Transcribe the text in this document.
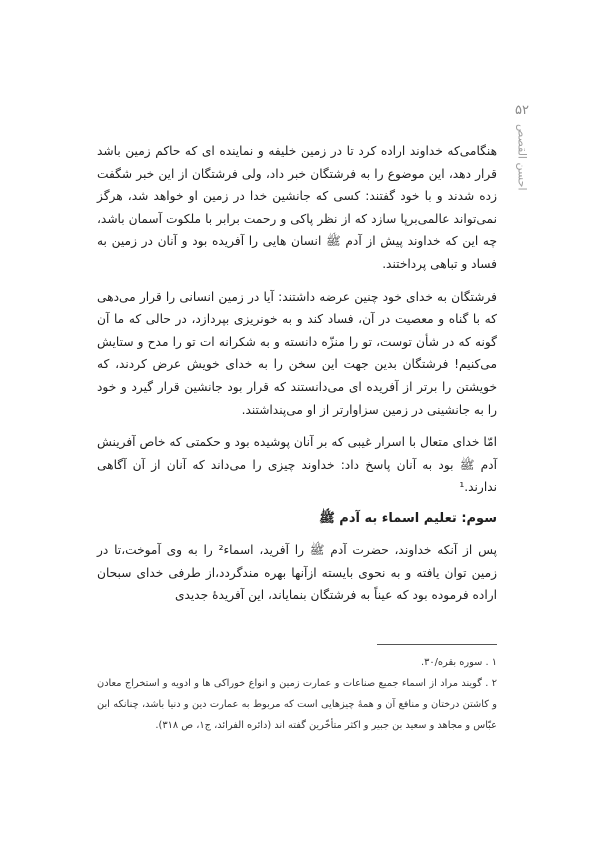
۵۲
احسن القصص

هنگامی‌که خداوند اراده کرد تا در زمین خلیفه و نماینده ای که حاکم زمین باشد قرار دهد، این موضوع را به فرشتگان خبر داد، ولی فرشتگان از این خبر شگفت زده شدند و با خود گفتند: کسی که جانشین خدا در زمین او خواهد شد، هرگز نمی‌تواند عالمی‌برپا سازد که از نظر پاکی و رحمت برابر با ملکوت آسمان باشد، چه این که خداوند پیش از آدم ﷺ انسان هایی را آفریده بود و آنان در زمین به فساد و تباهی پرداختند.

فرشتگان به خدای خود چنین عرضه داشتند: آیا در زمین انسانی را قرار می‌دهی که با گناه و معصیت در آن، فساد کند و به خونریزی بپردازد، در حالی که ما آن گونه که در شأن توست، تو را منزّه دانسته و به شکرانه ات تو را مدح و ستایش می‌کنیم! فرشتگان بدین جهت این سخن را به خدای خویش عرض کردند، که خویشتن را برتر از آفریده ای می‌دانستند که قرار بود جانشین قرار گیرد و خود را به جانشینی در زمین سزاوارتر از او می‌پنداشتند.

امّا خدای متعال با اسرار غیبی که بر آنان پوشیده بود و حکمتی که خاص آفرینش آدم ﷺ بود به آنان پاسخ داد: خداوند چیزی را می‌داند که آنان از آن آگاهی ندارند.¹

سوم: تعلیم اسماء به آدم ﷺ

پس از آنکه خداوند، حضرت آدم ﷺ را آفرید، اسماء² را به وی آموخت،تا در زمین توان یافته و به نحوی بایسته ازآنها بهره مندگردد،از طرفی خدای سبحان اراده فرموده بود که عیناً به فرشتگان بنمایاند، این آفریدهٔ جدیدی

۱ . سوره بقره/۳۰.

۲ . گویند مراد از اسماء جمیع صناعات و عمارت زمین و انواع خوراکی ها و ادویه و استخراج معادن و کاشتن درختان و منافع آن و همهٔ چیزهایی است که مربوط به عمارت دین و دنیا باشد، چنانکه ابن عبّاس و مجاهد و سعید بن جبیر و اکثر متأخّرین گفته اند (دائره الفرائد، ج۱، ص ۳۱۸).
